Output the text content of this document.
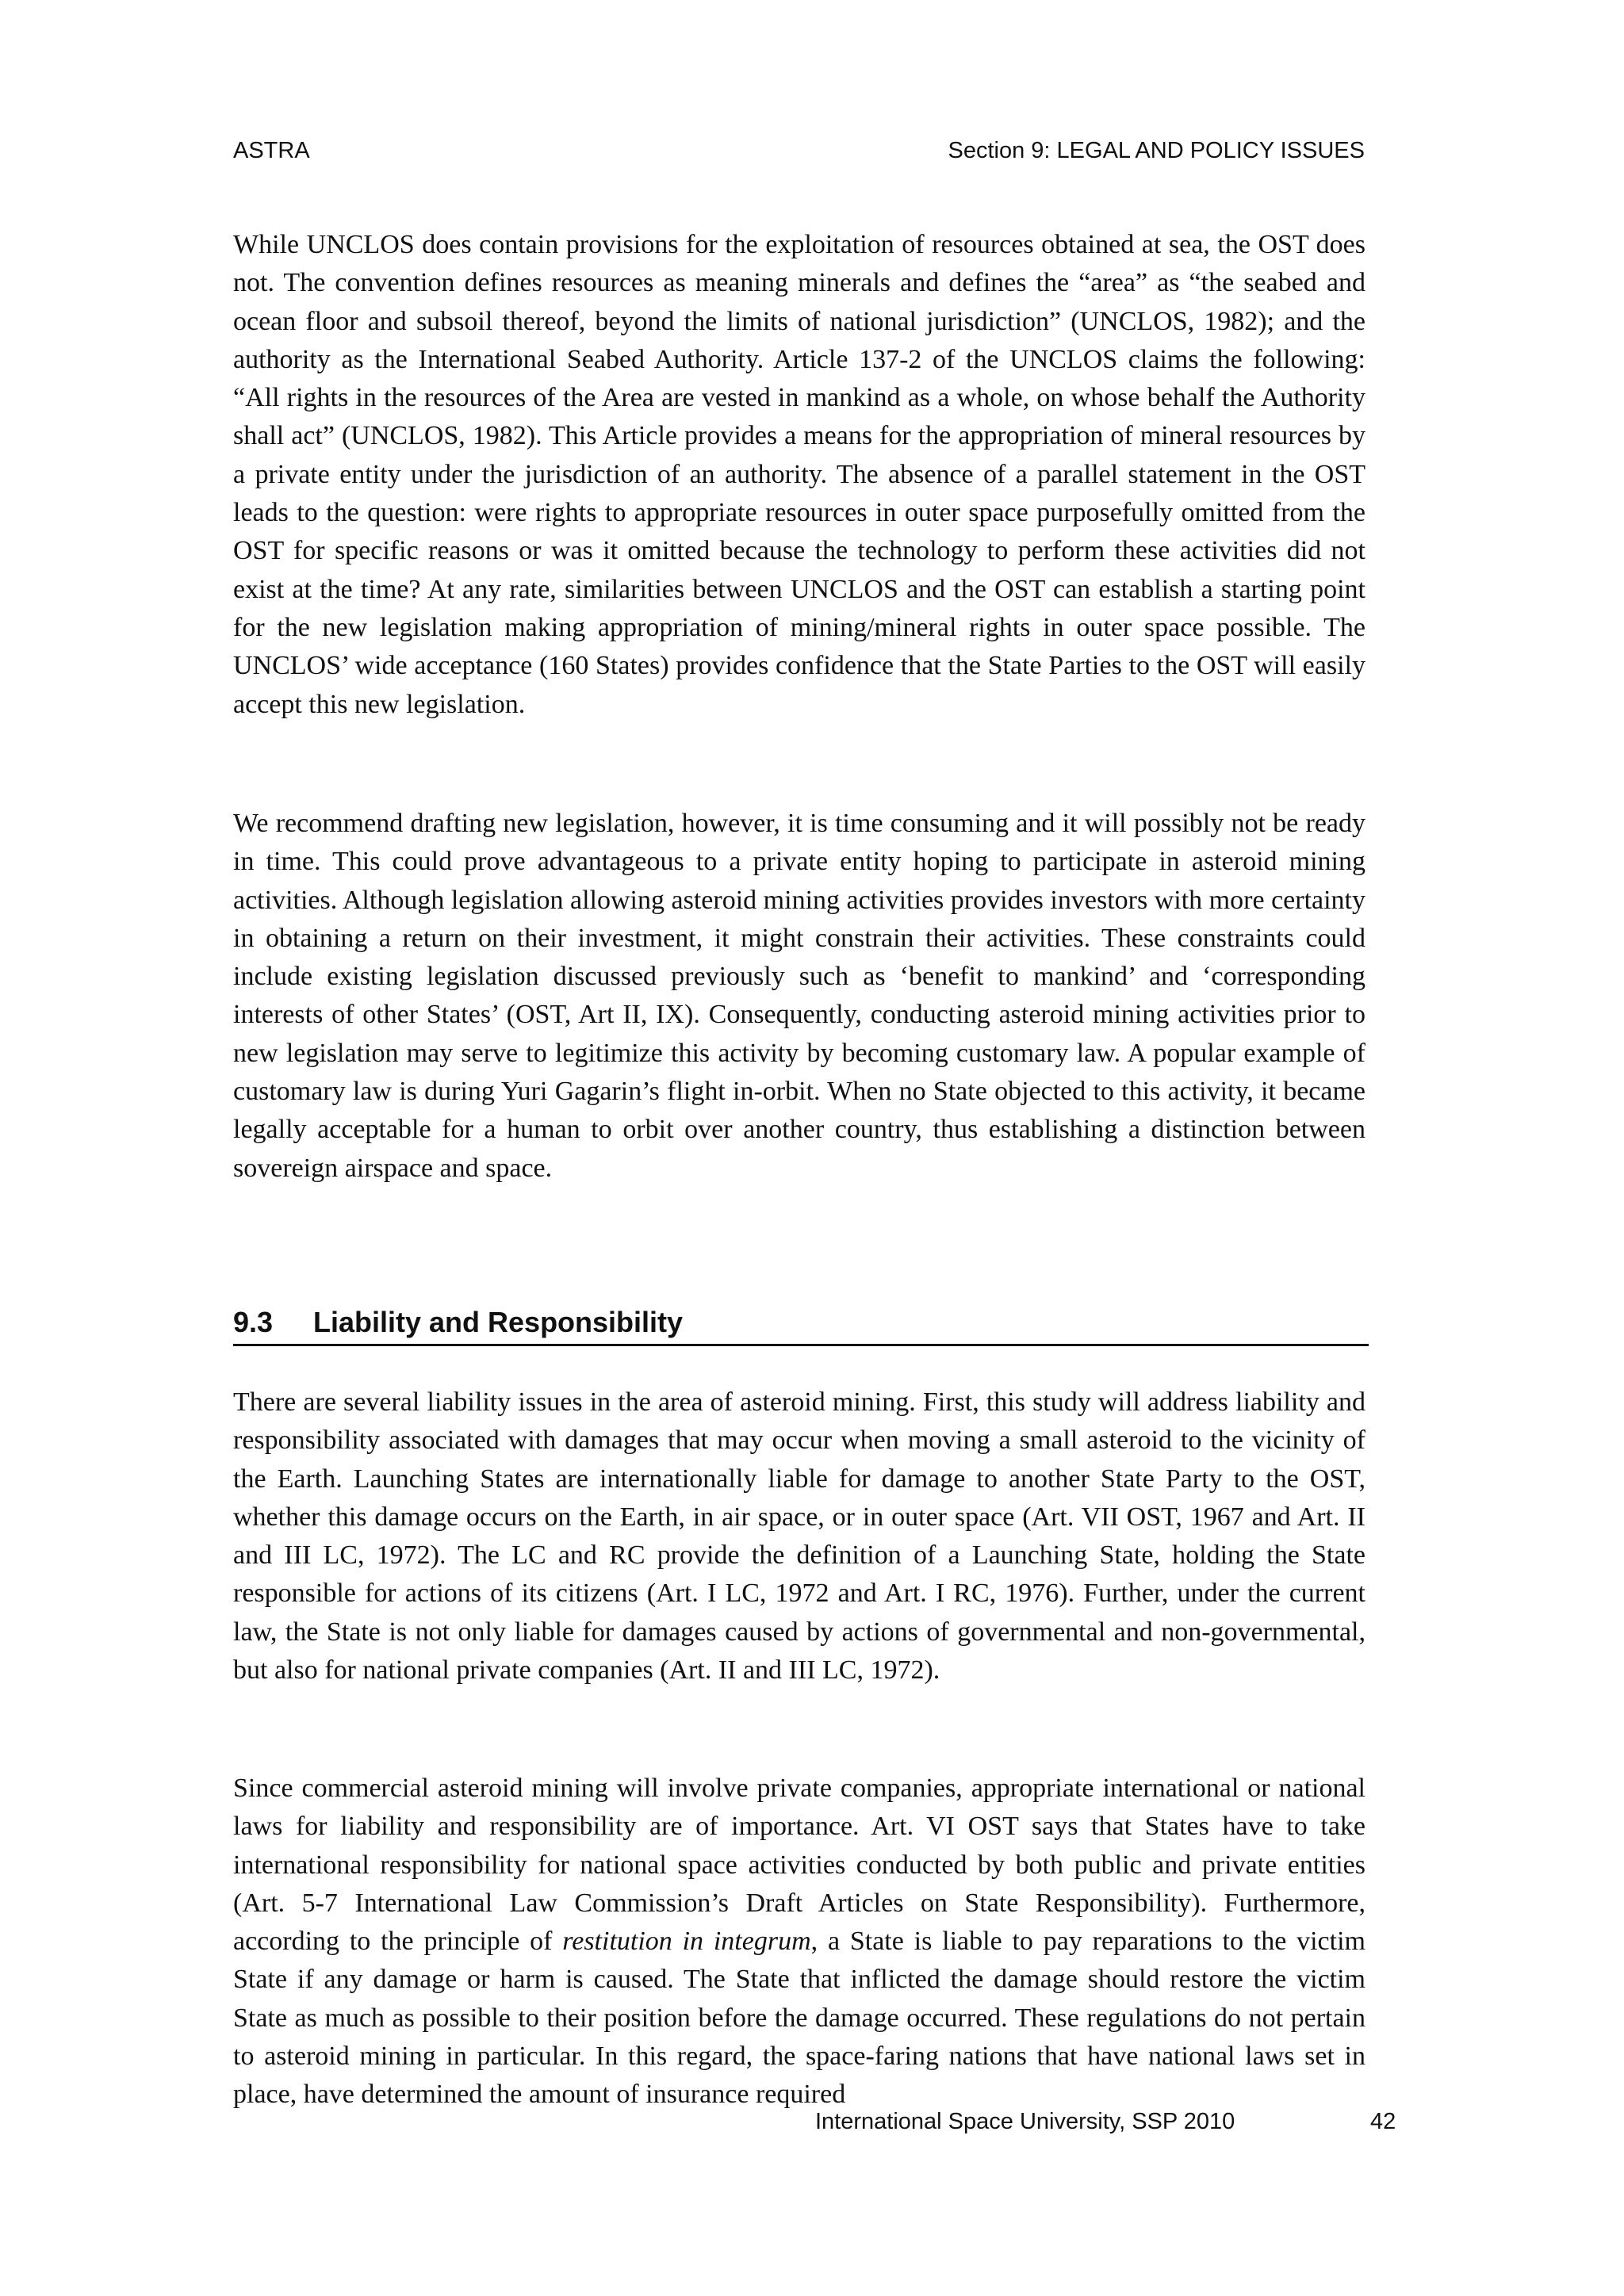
ASTRA	Section 9: LEGAL AND POLICY ISSUES

While UNCLOS does contain provisions for the exploitation of resources obtained at sea, the OST does not. The convention defines resources as meaning minerals and defines the “area” as “the seabed and ocean floor and subsoil thereof, beyond the limits of national jurisdiction” (UNCLOS, 1982); and the authority as the International Seabed Authority. Article 137-2 of the UNCLOS claims the following: “All rights in the resources of the Area are vested in mankind as a whole, on whose behalf the Authority shall act” (UNCLOS, 1982). This Article provides a means for the appropriation of mineral resources by a private entity under the jurisdiction of an authority. The absence of a parallel statement in the OST leads to the question: were rights to appropriate resources in outer space purposefully omitted from the OST for specific reasons or was it omitted because the technology to perform these activities did not exist at the time? At any rate, similarities between UNCLOS and the OST can establish a starting point for the new legislation making appropriation of mining/mineral rights in outer space possible. The UNCLOS’ wide acceptance (160 States) provides confidence that the State Parties to the OST will easily accept this new legislation.

We recommend drafting new legislation, however, it is time consuming and it will possibly not be ready in time. This could prove advantageous to a private entity hoping to participate in asteroid mining activities. Although legislation allowing asteroid mining activities provides investors with more certainty in obtaining a return on their investment, it might constrain their activities. These constraints could include existing legislation discussed previously such as ‘benefit to mankind’ and ‘corresponding interests of other States’ (OST, Art II, IX). Consequently, conducting asteroid mining activities prior to new legislation may serve to legitimize this activity by becoming customary law. A popular example of customary law is during Yuri Gagarin’s flight in-orbit. When no State objected to this activity, it became legally acceptable for a human to orbit over another country, thus establishing a distinction between sovereign airspace and space.

9.3 Liability and Responsibility

There are several liability issues in the area of asteroid mining. First, this study will address liability and responsibility associated with damages that may occur when moving a small asteroid to the vicinity of the Earth. Launching States are internationally liable for damage to another State Party to the OST, whether this damage occurs on the Earth, in air space, or in outer space (Art. VII OST, 1967 and Art. II and III LC, 1972). The LC and RC provide the definition of a Launching State, holding the State responsible for actions of its citizens (Art. I LC, 1972 and Art. I RC, 1976). Further, under the current law, the State is not only liable for damages caused by actions of governmental and non-governmental, but also for national private companies (Art. II and III LC, 1972).

Since commercial asteroid mining will involve private companies, appropriate international or national laws for liability and responsibility are of importance. Art. VI OST says that States have to take international responsibility for national space activities conducted by both public and private entities (Art. 5-7 International Law Commission’s Draft Articles on State Responsibility). Furthermore, according to the principle of restitution in integrum, a State is liable to pay reparations to the victim State if any damage or harm is caused. The State that inflicted the damage should restore the victim State as much as possible to their position before the damage occurred. These regulations do not pertain to asteroid mining in particular. In this regard, the space-faring nations that have national laws set in place, have determined the amount of insurance required

International Space University, SSP 2010	42
